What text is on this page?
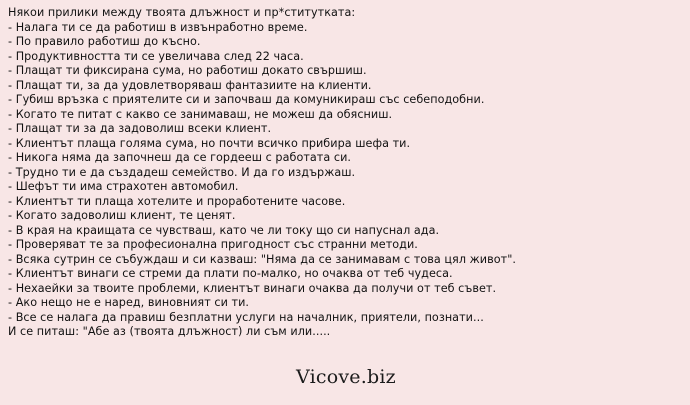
Някои прилики между твоята длъжност и пр*ститутката:
- Налага ти се да работиш в извънработно време.
- По правило работиш до късно.
- Продуктивността ти се увеличава след 22 часа.
- Плащат ти фиксирана сума, но работиш докато свършиш.
- Плащат ти, за да удовлетворяваш фантазиите на клиенти.
- Губиш връзка с приятелите си и започваш да комуникираш със себеподобни.
- Когато те питат с какво се занимаваш, не можеш да обясниш.
- Плащат ти за да задоволиш всеки клиент.
- Клиентът плаща голяма сума, но почти всичко прибира шефа ти.
- Никога няма да започнеш да се гордееш с работата си.
- Трудно ти е да създадеш семейство. И да го издържаш.
- Шефът ти има страхотен автомобил.
- Клиентът ти плаща хотелите и проработените часове.
- Когато задоволиш клиент, те ценят.
- В края на краищата се чувстваш, като че ли току що си напуснал ада.
- Проверяват те за професионална пригодност със странни методи.
- Всяка сутрин се събуждаш и си казваш: "Няма да се занимавам с това цял живот".
- Клиентът винаги се стреми да плати по-малко, но очаква от теб чудеса.
- Нехаейки за твоите проблеми, клиентът винаги очаква да получи от теб съвет.
- Ако нещо не е наред, виновният си ти.
- Все се налага да правиш безплатни услуги на началник, приятели, познати...
И се питаш: "Абе аз (твоята длъжност) ли съм или.....
Vicove.biz
